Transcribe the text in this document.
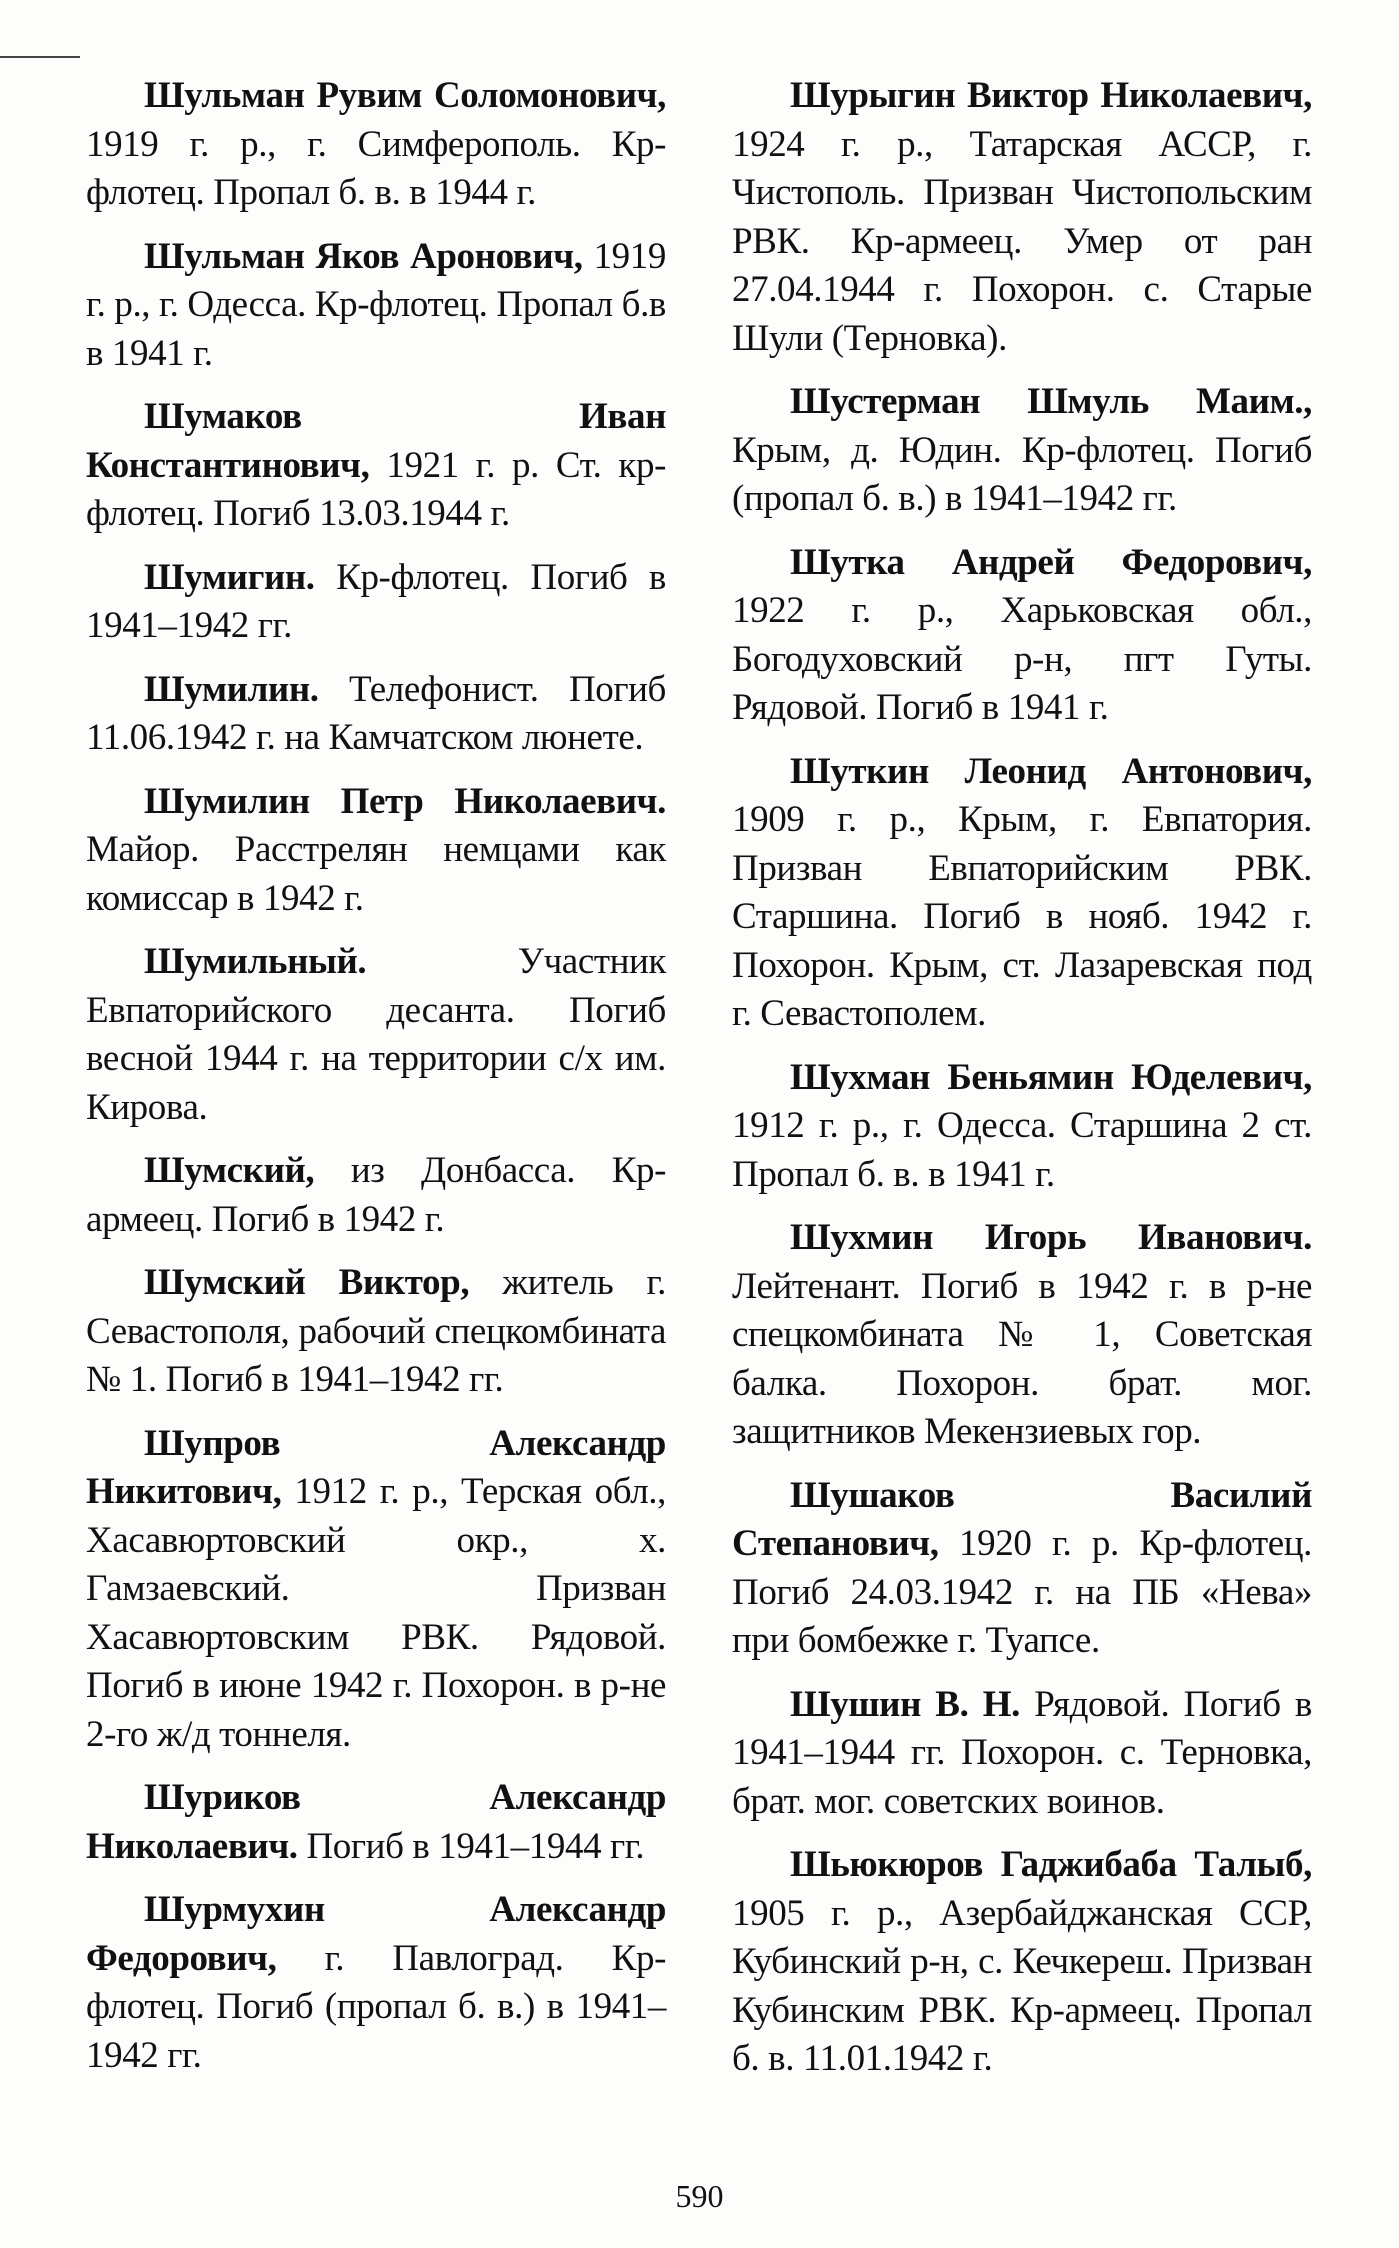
Шульман Рувим Соломонович, 1919 г. р., г. Симферополь. Кр-флотец. Пропал б. в. в 1944 г.

Шульман Яков Аронович, 1919 г. р., г. Одесса. Кр-флотец. Пропал б.в в 1941 г.

Шумаков Иван Константинович, 1921 г. р. Ст. кр-флотец. Погиб 13.03.1944 г.

Шумигин. Кр-флотец. Погиб в 1941–1942 гг.

Шумилин. Телефонист. Погиб 11.06.1942 г. на Камчатском люнете.

Шумилин Петр Николаевич. Майор. Расстрелян немцами как комиссар в 1942 г.

Шумильный. Участник Евпаторийского десанта. Погиб весной 1944 г. на территории с/х им. Кирова.

Шумский, из Донбасса. Кр-армеец. Погиб в 1942 г.

Шумский Виктор, житель г. Севастополя, рабочий спецкомбината № 1. Погиб в 1941–1942 гг.

Шупров Александр Никитович, 1912 г. р., Терская обл., Хасавюртовский окр., х. Гамзаевский. Призван Хасавюртовским РВК. Рядовой. Погиб в июне 1942 г. Похорон. в р-не 2-го ж/д тоннеля.

Шуриков Александр Николаевич. Погиб в 1941–1944 гг.

Шурмухин Александр Федорович, г. Павлоград. Кр-флотец. Погиб (пропал б. в.) в 1941–1942 гг.

Шурыгин Виктор Николаевич, 1924 г. р., Татарская АССР, г. Чистополь. Призван Чистопольским РВК. Кр-армеец. Умер от ран 27.04.1944 г. Похорон. с. Старые Шули (Терновка).

Шустерман Шмуль Маим., Крым, д. Юдин. Кр-флотец. Погиб (пропал б. в.) в 1941–1942 гг.

Шутка Андрей Федорович, 1922 г. р., Харьковская обл., Богодуховский р-н, пгт Гуты. Рядовой. Погиб в 1941 г.

Шуткин Леонид Антонович, 1909 г. р., Крым, г. Евпатория. Призван Евпаторийским РВК. Старшина. Погиб в нояб. 1942 г. Похорон. Крым, ст. Лазаревская под г. Севастополем.

Шухман Беньямин Юделевич, 1912 г. р., г. Одесса. Старшина 2 ст. Пропал б. в. в 1941 г.

Шухмин Игорь Иванович. Лейтенант. Погиб в 1942 г. в р-не спецкомбината № 1, Советская балка. Похорон. брат. мог. защитников Мекензиевых гор.

Шушаков Василий Степанович, 1920 г. р. Кр-флотец. Погиб 24.03.1942 г. на ПБ «Нева» при бомбежке г. Туапсе.

Шушин В. Н. Рядовой. Погиб в 1941–1944 гг. Похорон. с. Терновка, брат. мог. советских воинов.

Шьюкюров Гаджибаба Талыб, 1905 г. р., Азербайджанская ССР, Кубинский р-н, с. Кечкереш. Призван Кубинским РВК. Кр-армеец. Пропал б. в. 11.01.1942 г.

590
